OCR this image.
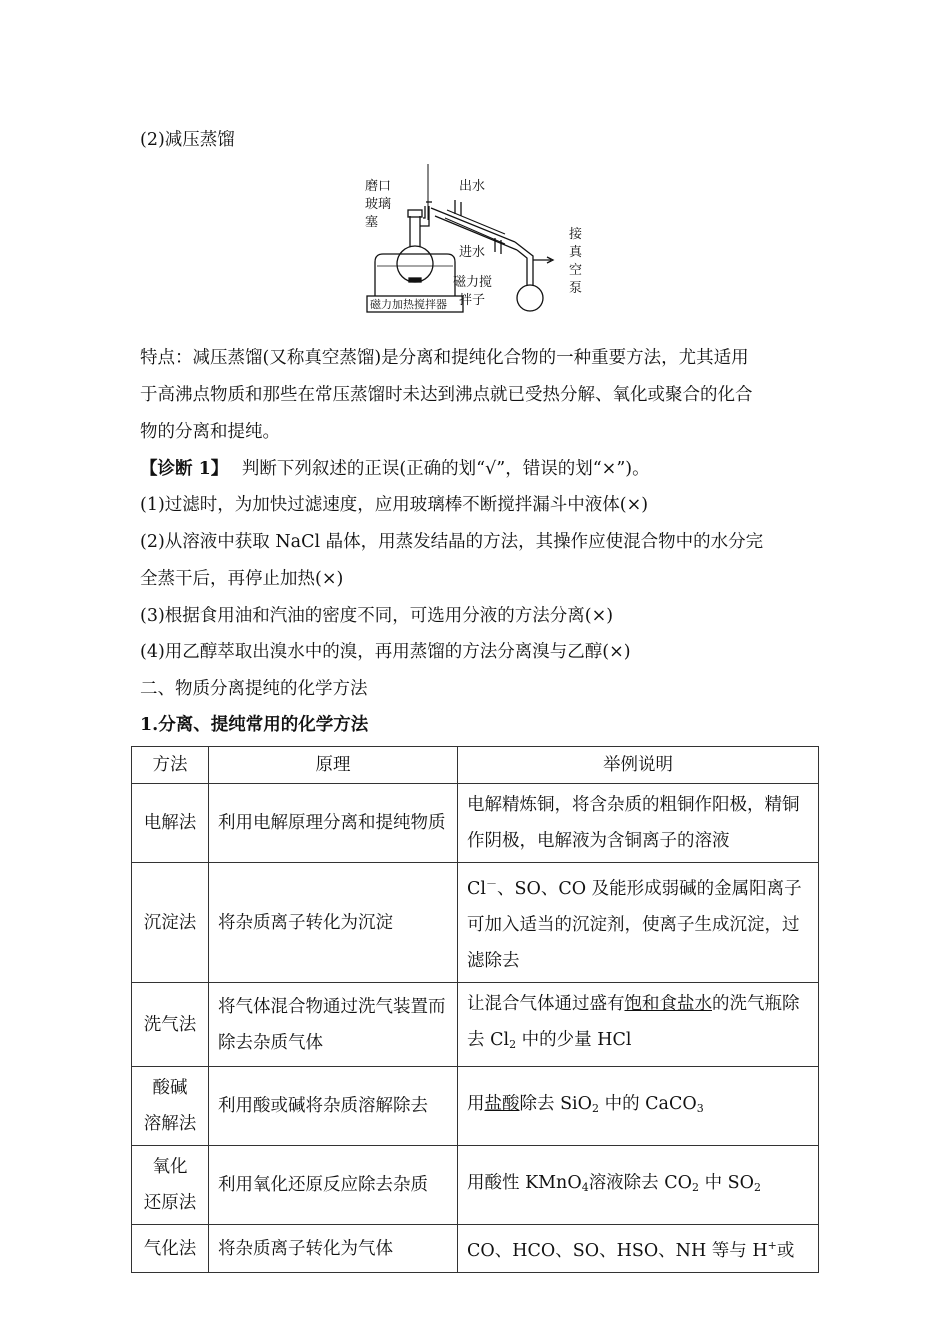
(2)减压蒸馏
磨口
玻璃
塞
出水
进水
接
真
空
泵
磁力搅
拌子
磁力加热搅拌器
特点：减压蒸馏(又称真空蒸馏)是分离和提纯化合物的一种重要方法，尤其适用
于高沸点物质和那些在常压蒸馏时未达到沸点就已受热分解、氧化或聚合的化合
物的分离和提纯。
【诊断 1】 判断下列叙述的正误(正确的划“√”，错误的划“×”)。
(1)过滤时，为加快过滤速度，应用玻璃棒不断搅拌漏斗中液体(×)
(2)从溶液中获取 NaCl 晶体，用蒸发结晶的方法，其操作应使混合物中的水分完
全蒸干后，再停止加热(×)
(3)根据食用油和汽油的密度不同，可选用分液的方法分离(×)
(4)用乙醇萃取出溴水中的溴，再用蒸馏的方法分离溴与乙醇(×)
二、物质分离提纯的化学方法
1.分离、提纯常用的化学方法
方法	原理	举例说明
电解法	利用电解原理分离和提纯物质	电解精炼铜，将含杂质的粗铜作阳极，精铜作阴极，电解液为含铜离子的溶液
沉淀法	将杂质离子转化为沉淀	Cl－、SO、CO 及能形成弱碱的金属阳离子可加入适当的沉淀剂，使离子生成沉淀，过滤除去
洗气法	将气体混合物通过洗气装置而除去杂质气体	让混合气体通过盛有饱和食盐水的洗气瓶除去 $Cl_2$ 中的少量 HCl
酸碱
溶解法	利用酸或碱将杂质溶解除去	用盐酸除去 SiO$_2$ 中的 CaCO$_3$
氧化
还原法	利用氧化还原反应除去杂质	用酸性 KMnO$_4$溶液除去 $CO_2$ 中 $SO_2$
气化法	将杂质离子转化为气体	CO、HCO、SO、HSO、NH 等与 H+或
